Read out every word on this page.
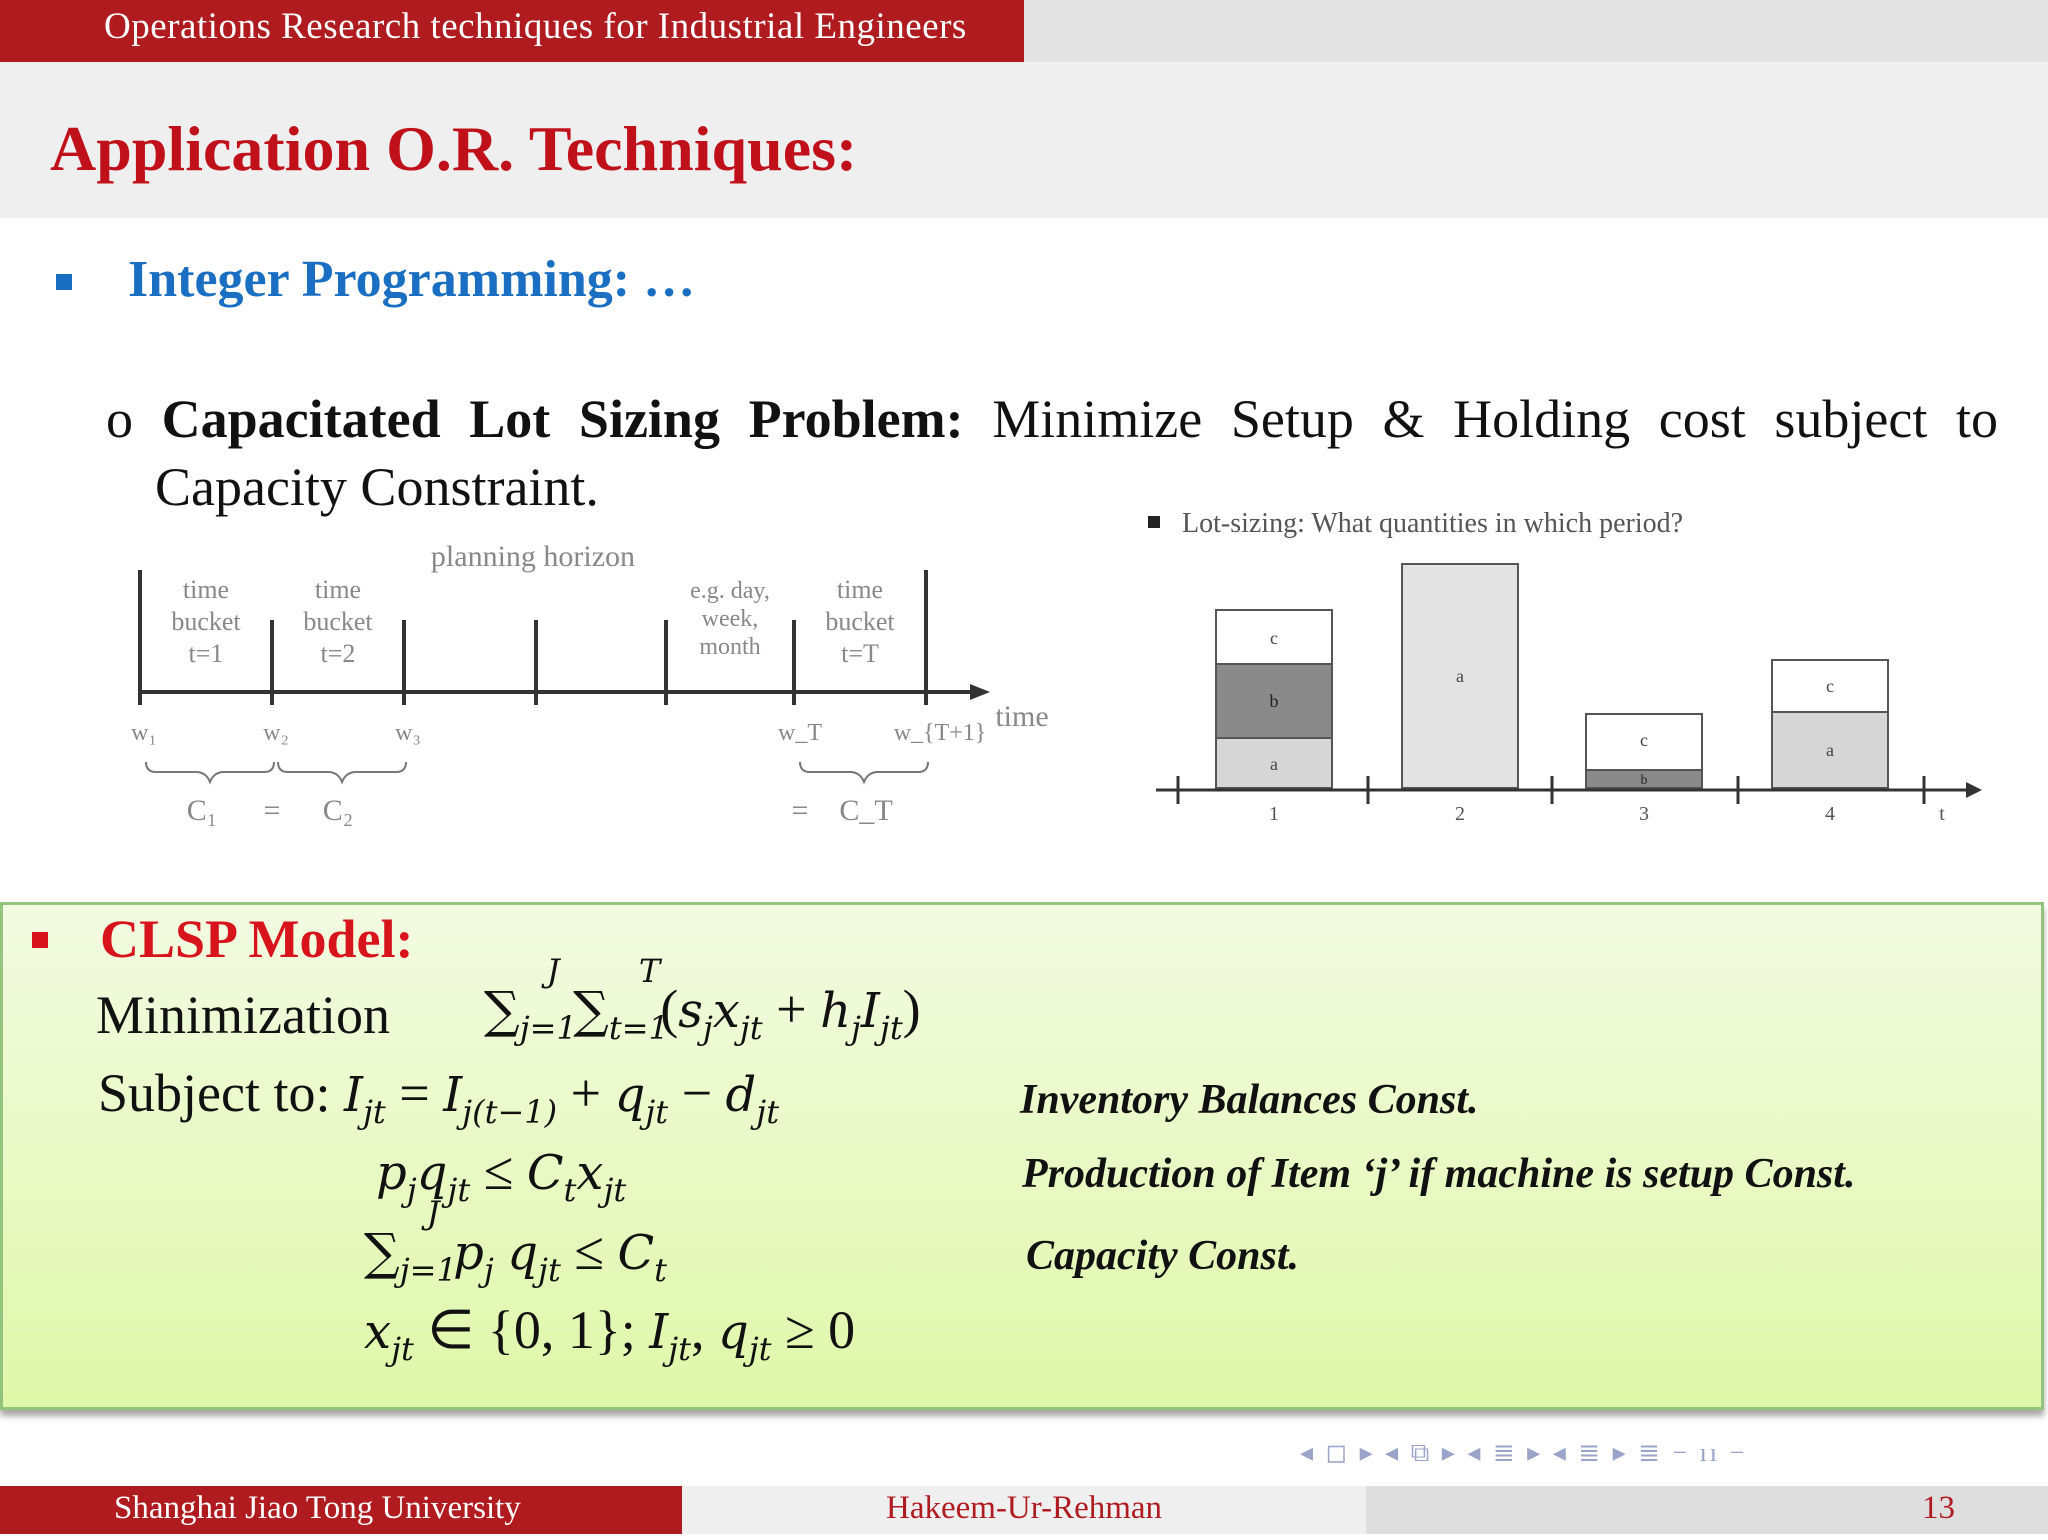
Operations Research techniques for Industrial Engineers
Application O.R. Techniques:
Integer Programming: …
o Capacitated Lot Sizing Problem: Minimize Setup & Holding cost subject to
Capacity Constraint.
planning horizon
time
bucket
t=1
time
bucket
t=2
e.g. day,
week,
month
time
bucket
t=T
time
w₁	w₂	w₃	w_T	w_{T+1}
C₁ = C₂	= C_T
Lot-sizing: What quantities in which period?
c
b
a
a
c
b
c
a
1	2	3	4	t
CLSP Model:
Minimization $\sum_{j=1}^J$ $\sum_{t=1}^T(s_jx_{jt} + h_jI_{jt})$
Subject to: $I_{jt} = I_{j(t-1)} + q_{jt} - d_{jt}$	Inventory Balances Const.
$p_jq_{jt} \le C_tx_{jt}$	Production of Item ‘j’ if machine is setup Const.
$\sum_{j=1}^J$ $p_j$ $q_{jt} \le C_t$	Capacity Const.
$x_{jt}$ ∈ {0, 1}; $I_{jt}$, $q_{jt} \ge 0$
◂ ◻ ▸ ◂ ⧉ ▸ ◂ ≣ ▸ ◂ ≣ ▸ ≣ − ıı −
Shanghai Jiao Tong University	Hakeem-Ur-Rehman	13
